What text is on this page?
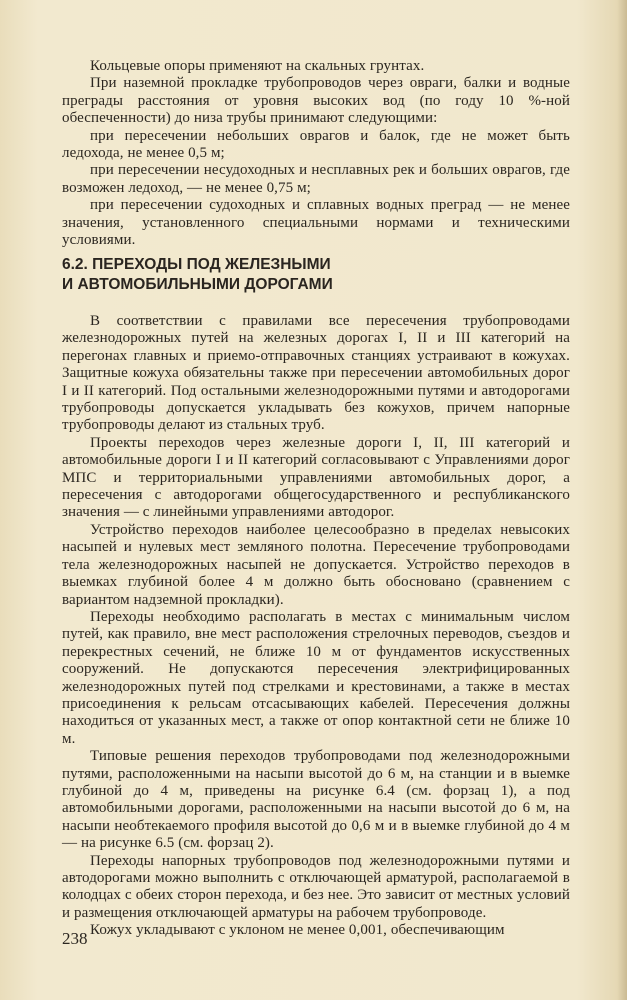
Кольцевые опоры применяют на скальных грунтах.

При наземной прокладке трубопроводов через овраги, балки и водные преграды расстояния от уровня высоких вод (по году 10 %-ной обеспеченности) до низа трубы принимают следующими:

при пересечении небольших оврагов и балок, где не может быть ледохода, не менее 0,5 м;

при пересечении несудоходных и несплавных рек и больших оврагов, где возможен ледоход, — не менее 0,75 м;

при пересечении судоходных и сплавных водных преград — не менее значения, установленного специальными нормами и техническими условиями.

6.2. ПЕРЕХОДЫ ПОД ЖЕЛЕЗНЫМИ
И АВТОМОБИЛЬНЫМИ ДОРОГАМИ

В соответствии с правилами все пересечения трубопроводами железнодорожных путей на железных дорогах I, II и III категорий на перегонах главных и приемо-отправочных станциях устраивают в кожухах. Защитные кожуха обязательны также при пересечении автомобильных дорог I и II категорий. Под остальными железнодорожными путями и автодорогами трубопроводы допускается укладывать без кожухов, причем напорные трубопроводы делают из стальных труб.

Проекты переходов через железные дороги I, II, III категорий и автомобильные дороги I и II категорий согласовывают с Управлениями дорог МПС и территориальными управлениями автомобильных дорог, а пересечения с автодорогами общегосударственного и республиканского значения — с линейными управлениями автодорог.

Устройство переходов наиболее целесообразно в пределах невысоких насыпей и нулевых мест земляного полотна. Пересечение трубопроводами тела железнодорожных насыпей не допускается. Устройство переходов в выемках глубиной более 4 м должно быть обосновано (сравнением с вариантом надземной прокладки).

Переходы необходимо располагать в местах с минимальным числом путей, как правило, вне мест расположения стрелочных переводов, съездов и перекрестных сечений, не ближе 10 м от фундаментов искусственных сооружений. Не допускаются пересечения электрифицированных железнодорожных путей под стрелками и крестовинами, а также в местах присоединения к рельсам отсасывающих кабелей. Пересечения должны находиться от указанных мест, а также от опор контактной сети не ближе 10 м.

Типовые решения переходов трубопроводами под железнодорожными путями, расположенными на насыпи высотой до 6 м, на станции и в выемке глубиной до 4 м, приведены на рисунке 6.4 (см. форзац 1), а под автомобильными дорогами, расположенными на насыпи высотой до 6 м, на насыпи необтекаемого профиля высотой до 0,6 м и в выемке глубиной до 4 м — на рисунке 6.5 (см. форзац 2).

Переходы напорных трубопроводов под железнодорожными путями и автодорогами можно выполнить с отключающей арматурой, располагаемой в колодцах с обеих сторон перехода, и без нее. Это зависит от местных условий и размещения отключающей арматуры на рабочем трубопроводе.

Кожух укладывают с уклоном не менее 0,001, обеспечивающим

238
